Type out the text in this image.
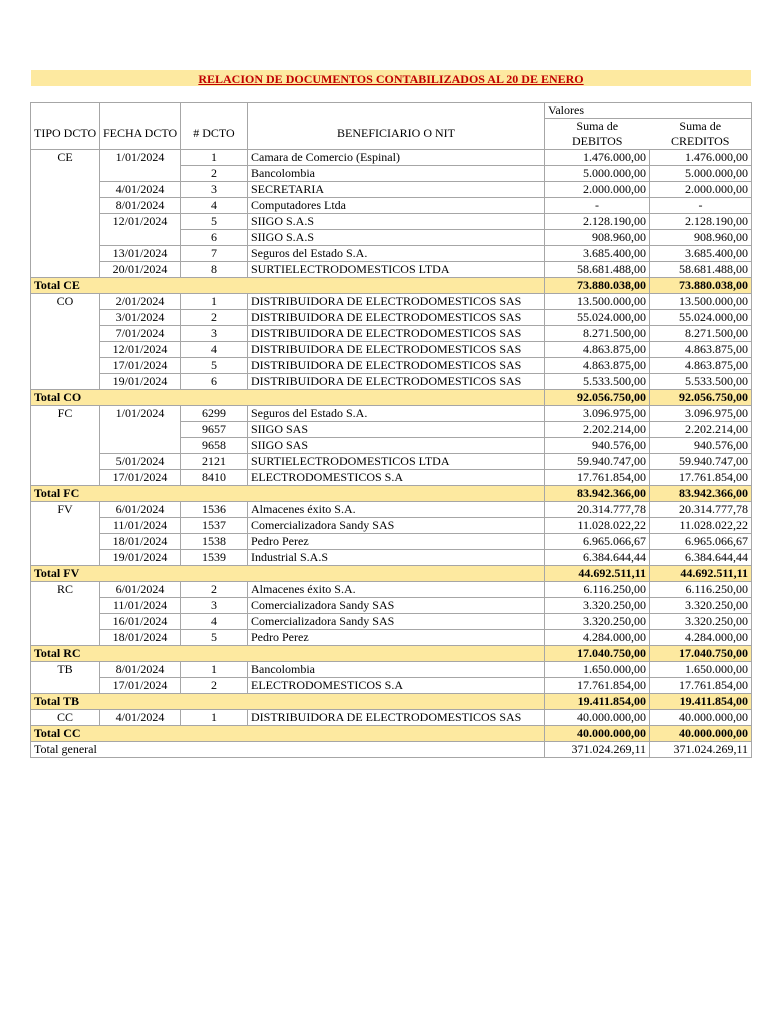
RELACION DE DOCUMENTOS CONTABILIZADOS AL 20 DE ENERO
				Valores	
TIPO DCTO	FECHA DCTO	# DCTO	BENEFICIARIO O NIT	Suma de	Suma de
				DEBITOS	CREDITOS
CE	1/01/2024	1	Camara de Comercio (Espinal)	1.476.000,00	1.476.000,00
		2	Bancolombia	5.000.000,00	5.000.000,00
	4/01/2024	3	SECRETARIA	2.000.000,00	2.000.000,00
	8/01/2024	4	Computadores Ltda	-	-
	12/01/2024	5	SIIGO S.A.S	2.128.190,00	2.128.190,00
		6	SIIGO S.A.S	908.960,00	908.960,00
	13/01/2024	7	Seguros del Estado S.A.	3.685.400,00	3.685.400,00
	20/01/2024	8	SURTIELECTRODOMESTICOS LTDA	58.681.488,00	58.681.488,00
Total CE				73.880.038,00	73.880.038,00
CO	2/01/2024	1	DISTRIBUIDORA DE ELECTRODOMESTICOS SAS	13.500.000,00	13.500.000,00
	3/01/2024	2	DISTRIBUIDORA DE ELECTRODOMESTICOS SAS	55.024.000,00	55.024.000,00
	7/01/2024	3	DISTRIBUIDORA DE ELECTRODOMESTICOS SAS	8.271.500,00	8.271.500,00
	12/01/2024	4	DISTRIBUIDORA DE ELECTRODOMESTICOS SAS	4.863.875,00	4.863.875,00
	17/01/2024	5	DISTRIBUIDORA DE ELECTRODOMESTICOS SAS	4.863.875,00	4.863.875,00
	19/01/2024	6	DISTRIBUIDORA DE ELECTRODOMESTICOS SAS	5.533.500,00	5.533.500,00
Total CO				92.056.750,00	92.056.750,00
FC	1/01/2024	6299	Seguros del Estado S.A.	3.096.975,00	3.096.975,00
		9657	SIIGO SAS	2.202.214,00	2.202.214,00
		9658	SIIGO SAS	940.576,00	940.576,00
	5/01/2024	2121	SURTIELECTRODOMESTICOS LTDA	59.940.747,00	59.940.747,00
	17/01/2024	8410	ELECTRODOMESTICOS S.A	17.761.854,00	17.761.854,00
Total FC				83.942.366,00	83.942.366,00
FV	6/01/2024	1536	Almacenes éxito S.A.	20.314.777,78	20.314.777,78
	11/01/2024	1537	Comercializadora Sandy SAS	11.028.022,22	11.028.022,22
	18/01/2024	1538	Pedro Perez	6.965.066,67	6.965.066,67
	19/01/2024	1539	Industrial S.A.S	6.384.644,44	6.384.644,44
Total FV				44.692.511,11	44.692.511,11
RC	6/01/2024	2	Almacenes éxito S.A.	6.116.250,00	6.116.250,00
	11/01/2024	3	Comercializadora Sandy SAS	3.320.250,00	3.320.250,00
	16/01/2024	4	Comercializadora Sandy SAS	3.320.250,00	3.320.250,00
	18/01/2024	5	Pedro Perez	4.284.000,00	4.284.000,00
Total RC				17.040.750,00	17.040.750,00
TB	8/01/2024	1	Bancolombia	1.650.000,00	1.650.000,00
	17/01/2024	2	ELECTRODOMESTICOS S.A	17.761.854,00	17.761.854,00
Total TB				19.411.854,00	19.411.854,00
CC	4/01/2024	1	DISTRIBUIDORA DE ELECTRODOMESTICOS SAS	40.000.000,00	40.000.000,00
Total CC				40.000.000,00	40.000.000,00
Total general				371.024.269,11	371.024.269,11
